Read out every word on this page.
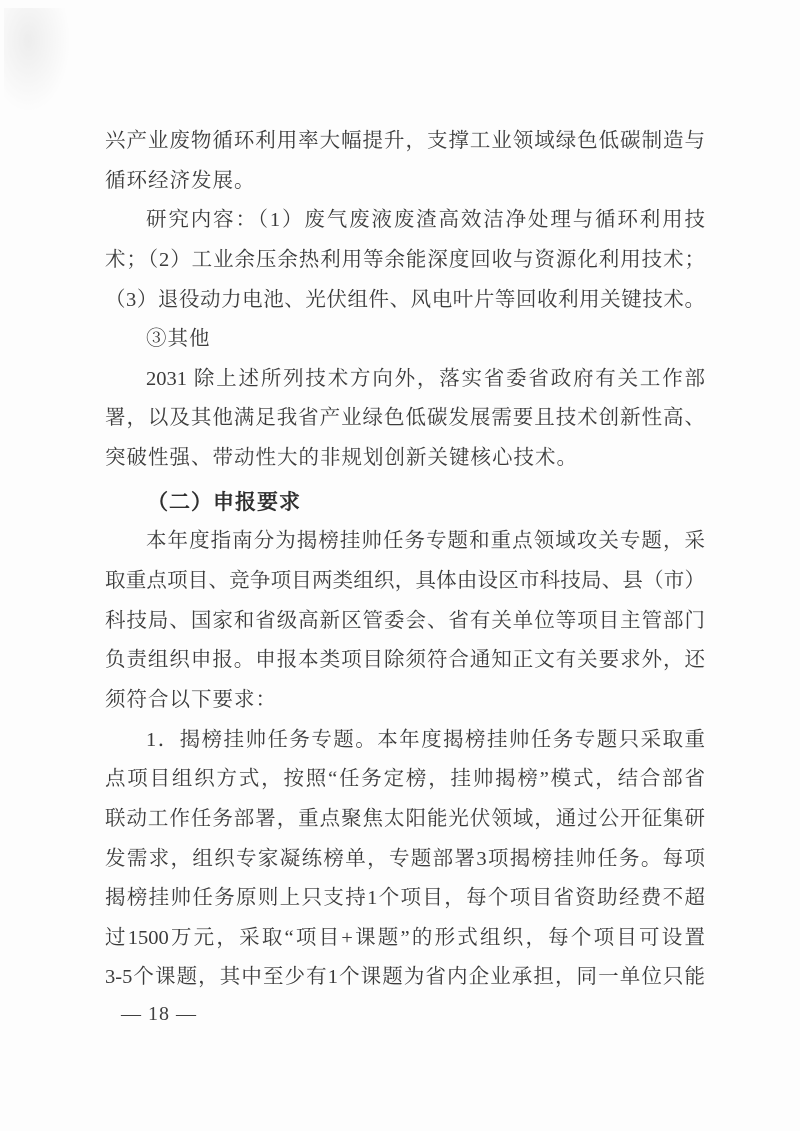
兴产业废物循环利用率大幅提升，支撑工业领域绿色低碳制造与
循环经济发展。
研究内容：（1）废气废液废渣高效洁净处理与循环利用技
术；（2）工业余压余热利用等余能深度回收与资源化利用技术；
（3）退役动力电池、光伏组件、风电叶片等回收利用关键技术。
③其他
2031 除上述所列技术方向外，落实省委省政府有关工作部
署，以及其他满足我省产业绿色低碳发展需要且技术创新性高、
突破性强、带动性大的非规划创新关键核心技术。
（二）申报要求
本年度指南分为揭榜挂帅任务专题和重点领域攻关专题，采
取重点项目、竞争项目两类组织，具体由设区市科技局、县（市）
科技局、国家和省级高新区管委会、省有关单位等项目主管部门
负责组织申报。申报本类项目除须符合通知正文有关要求外，还
须符合以下要求：
1．揭榜挂帅任务专题。本年度揭榜挂帅任务专题只采取重
点项目组织方式，按照“任务定榜，挂帅揭榜”模式，结合部省
联动工作任务部署，重点聚焦太阳能光伏领域，通过公开征集研
发需求，组织专家凝练榜单，专题部署3项揭榜挂帅任务。每项
揭榜挂帅任务原则上只支持1个项目，每个项目省资助经费不超
过1500万元，采取“项目+课题”的形式组织，每个项目可设置
3-5个课题，其中至少有1个课题为省内企业承担，同一单位只能
— 18 —
